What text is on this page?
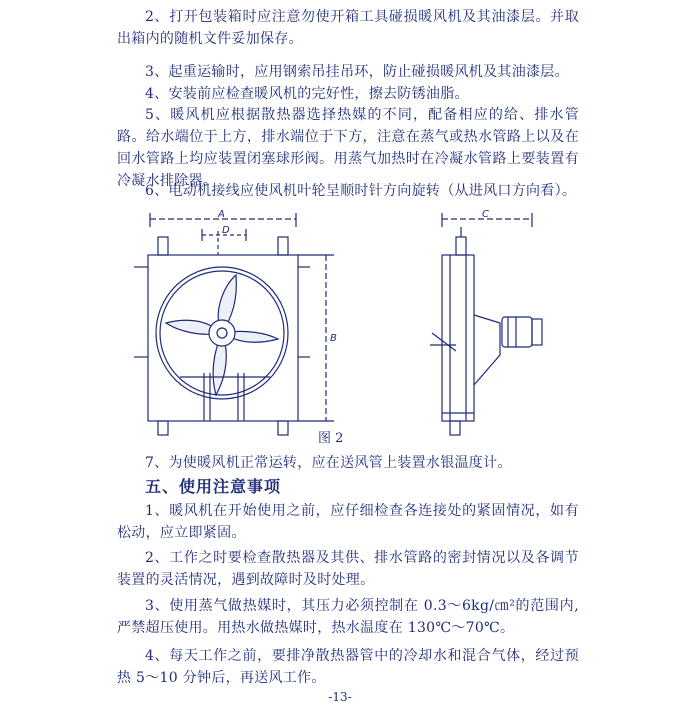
2、打开包装箱时应注意勿使开箱工具碰损暖风机及其油漆层。并取出箱内的随机文件妥加保存。

3、起重运输时，应用钢索吊挂吊环，防止碰损暖风机及其油漆层。

4、安装前应检查暖风机的完好性，擦去防锈油脂。

5、暖风机应根据散热器选择热媒的不同，配备相应的给、排水管路。给水端位于上方，排水端位于下方，注意在蒸气或热水管路上以及在回水管路上均应装置闭塞球形阀。用蒸气加热时在冷凝水管路上要装置有冷凝水排除器。

6、电动机接线应使风机叶轮呈顺时针方向旋转（从进风口方向看）。

A
D
B
C
图 2

7、为使暖风机正常运转，应在送风管上装置水银温度计。

五、使用注意事项

1、暖风机在开始使用之前，应仔细检查各连接处的紧固情况，如有松动，应立即紧固。

2、工作之时要检查散热器及其供、排水管路的密封情况以及各调节装置的灵活情况，遇到故障时及时处理。

3、使用蒸气做热媒时，其压力必须控制在 0.3～6kg/㎝²的范围内,严禁超压使用。用热水做热媒时，热水温度在 130℃～70℃。

4、每天工作之前，要排净散热器管中的冷却水和混合气体，经过预热 5～10 分钟后，再送风工作。

-13-
